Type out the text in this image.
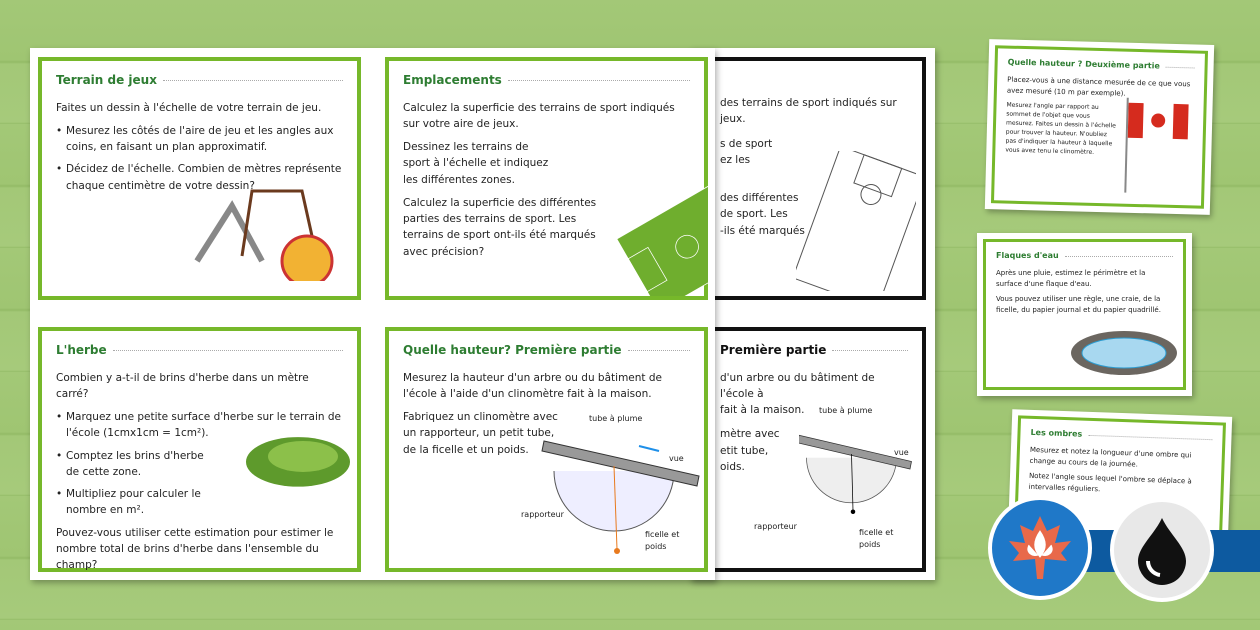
des terrains de sport indiqués sur
jeux.
s de sport
ez les
des différentes
de sport. Les
-ils été marqués
Première partie
d'un arbre ou du bâtiment de l'école à
fait à la maison.
mètre avec
etit tube,
oids.
tube à plume
vue
rapporteur
ficelle et poids
Terrain de jeux

Faites un dessin à l'échelle de votre terrain de jeu.

• Mesurez les côtés de l'aire de jeu et les angles aux coins, en faisant un plan approximatif.
• Décidez de l'échelle. Combien de mètres représente chaque centimètre de votre dessin?
Emplacements

Calculez la superficie des terrains de sport indiqués sur votre aire de jeux.

Dessinez les terrains de sport à l'échelle et indiquez les différentes zones.

Calculez la superficie des différentes parties des terrains de sport. Les terrains de sport ont-ils été marqués avec précision?

L'herbe

Combien y a-t-il de brins d'herbe dans un mètre carré?

• Marquez une petite surface d'herbe sur le terrain de l'école (1cmx1cm = 1cm²).
• Comptez les brins d'herbe de cette zone.
• Multipliez pour calculer le nombre en m².

Pouvez-vous utiliser cette estimation pour estimer le nombre total de brins d'herbe dans l'ensemble du champ?

Quelle hauteur? Première partie

Mesurez la hauteur d'un arbre ou du bâtiment de l'école à l'aide d'un clinomètre fait à la maison.

Fabriquez un clinomètre avec un rapporteur, un petit tube, de la ficelle et un poids.

tube à plume
vue
rapporteur
ficelle et poids
Quelle hauteur ? Deuxième partie

Placez-vous à une distance mesurée de ce que vous avez mesuré (10 m par exemple).

Mesurez l'angle par rapport au sommet de l'objet que vous mesurez. Faites un dessin à l'échelle pour trouver la hauteur. N'oubliez pas d'indiquer la hauteur à laquelle vous avez tenu le clinomètre.

Flaques d'eau

Après une pluie, estimez le périmètre et la surface d'une flaque d'eau.

Vous pouvez utiliser une règle, une craie, de la ficelle, du papier journal et du papier quadrillé.

Les ombres

Mesurez et notez la longueur d'une ombre qui change au cours de la journée.

Notez l'angle sous lequel l'ombre se déplace à intervalles réguliers.
